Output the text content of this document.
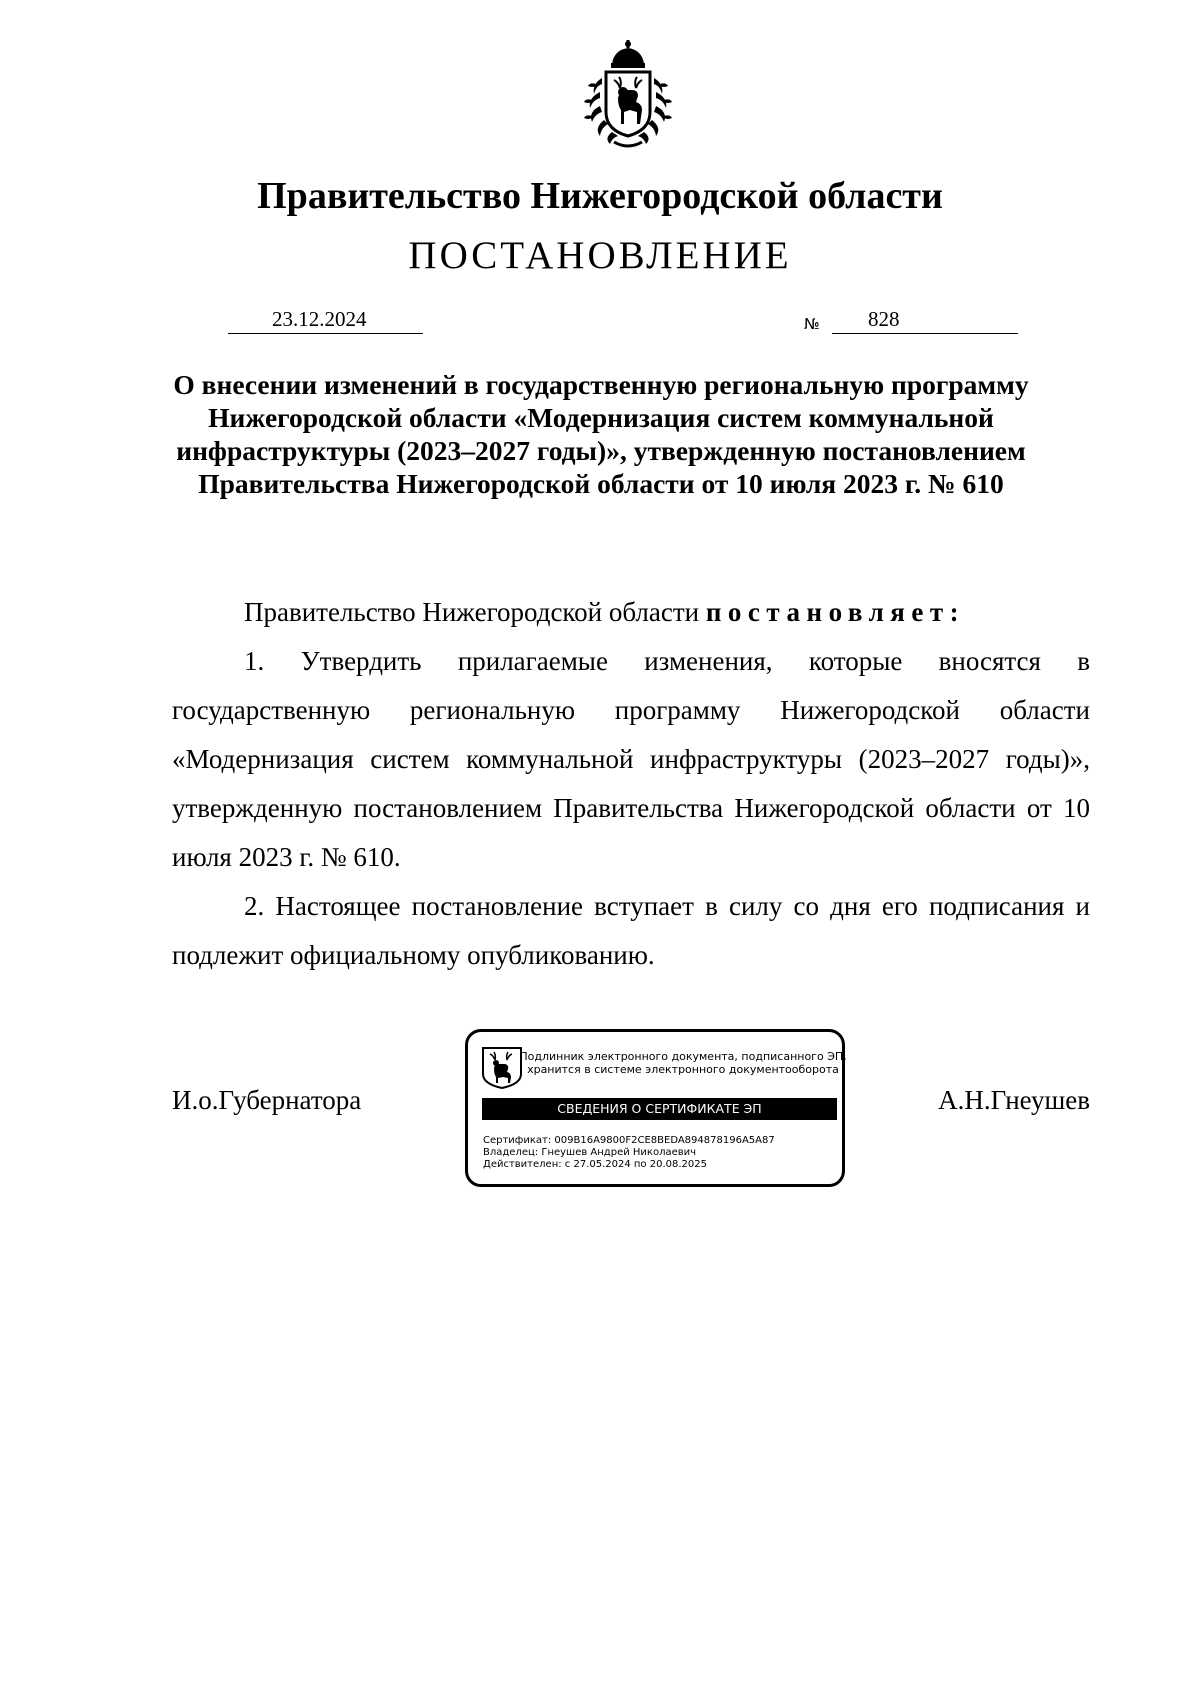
Правительство Нижегородской области
ПОСТАНОВЛЕНИЕ
23.12.2024	№	828
О внесении изменений в государственную региональную программу Нижегородской области «Модернизация систем коммунальной инфраструктуры (2023–2027 годы)», утвержденную постановлением Правительства Нижегородской области от 10 июля 2023 г. № 610
Правительство Нижегородской области постановляет:
1. Утвердить прилагаемые изменения, которые вносятся в государственную региональную программу Нижегородской области «Модернизация систем коммунальной инфраструктуры (2023–2027 годы)», утвержденную постановлением Правительства Нижегородской области от 10 июля 2023 г. № 610.
2. Настоящее постановление вступает в силу со дня его подписания и подлежит официальному опубликованию.
И.о.Губернатора	А.Н.Гнеушев
Подлинник электронного документа, подписанного ЭП,
хранится в системе электронного документооборота
СВЕДЕНИЯ О СЕРТИФИКАТЕ ЭП
Сертификат: 009B16A9800F2CE8BEDA894878196A5A87
Владелец: Гнеушев Андрей Николаевич
Действителен: с 27.05.2024 по 20.08.2025
